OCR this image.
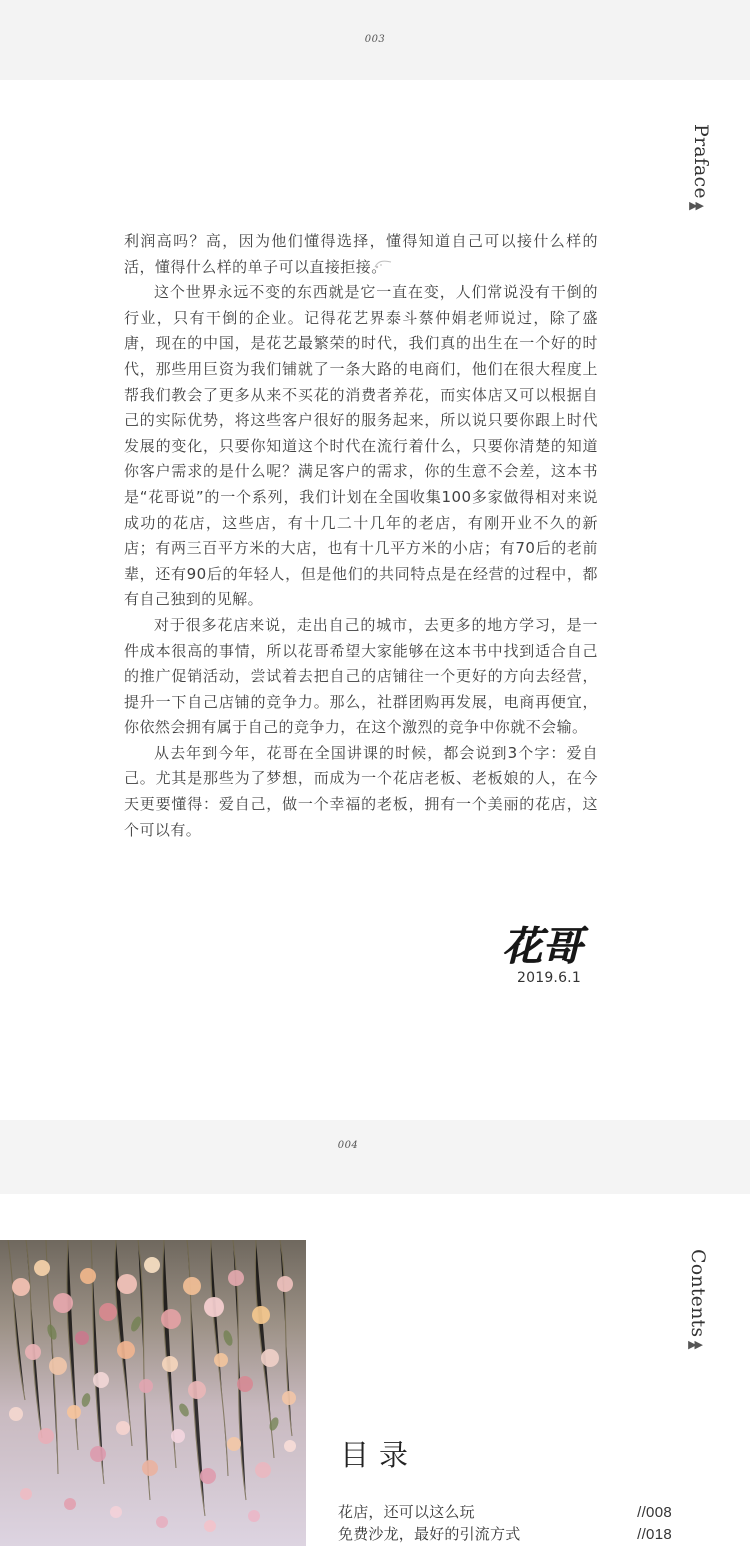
003
Praface
▶▶

利润高吗？高，因为他们懂得选择，懂得知道自己可以接什么样的活，懂得什么样的单子可以直接拒接。

这个世界永远不变的东西就是它一直在变，人们常说没有干倒的行业，只有干倒的企业。记得花艺界泰斗蔡仲娟老师说过，除了盛唐，现在的中国，是花艺最繁荣的时代，我们真的出生在一个好的时代，那些用巨资为我们铺就了一条大路的电商们，他们在很大程度上帮我们教会了更多从来不买花的消费者养花，而实体店又可以根据自己的实际优势，将这些客户很好的服务起来，所以说只要你跟上时代发展的变化，只要你知道这个时代在流行着什么，只要你清楚的知道你客户需求的是什么呢？满足客户的需求，你的生意不会差，这本书是“花哥说”的一个系列，我们计划在全国收集100多家做得相对来说成功的花店，这些店，有十几二十几年的老店，有刚开业不久的新店；有两三百平方米的大店，也有十几平方米的小店；有70后的老前辈，还有90后的年轻人，但是他们的共同特点是在经营的过程中，都有自己独到的见解。

对于很多花店来说，走出自己的城市，去更多的地方学习，是一件成本很高的事情，所以花哥希望大家能够在这本书中找到适合自己的推广促销活动，尝试着去把自己的店铺往一个更好的方向去经营，提升一下自己店铺的竞争力。那么，社群团购再发展，电商再便宜，你依然会拥有属于自己的竞争力，在这个激烈的竞争中你就不会输。

从去年到今年，花哥在全国讲课的时候，都会说到3个字：爱自己。尤其是那些为了梦想，而成为一个花店老板、老板娘的人，在今天更要懂得：爱自己，做一个幸福的老板，拥有一个美丽的花店，这个可以有。

花哥
2019.6.1
004
Contents
▶▶
目录
花店，还可以这么玩	//008
免费沙龙，最好的引流方式	//018
